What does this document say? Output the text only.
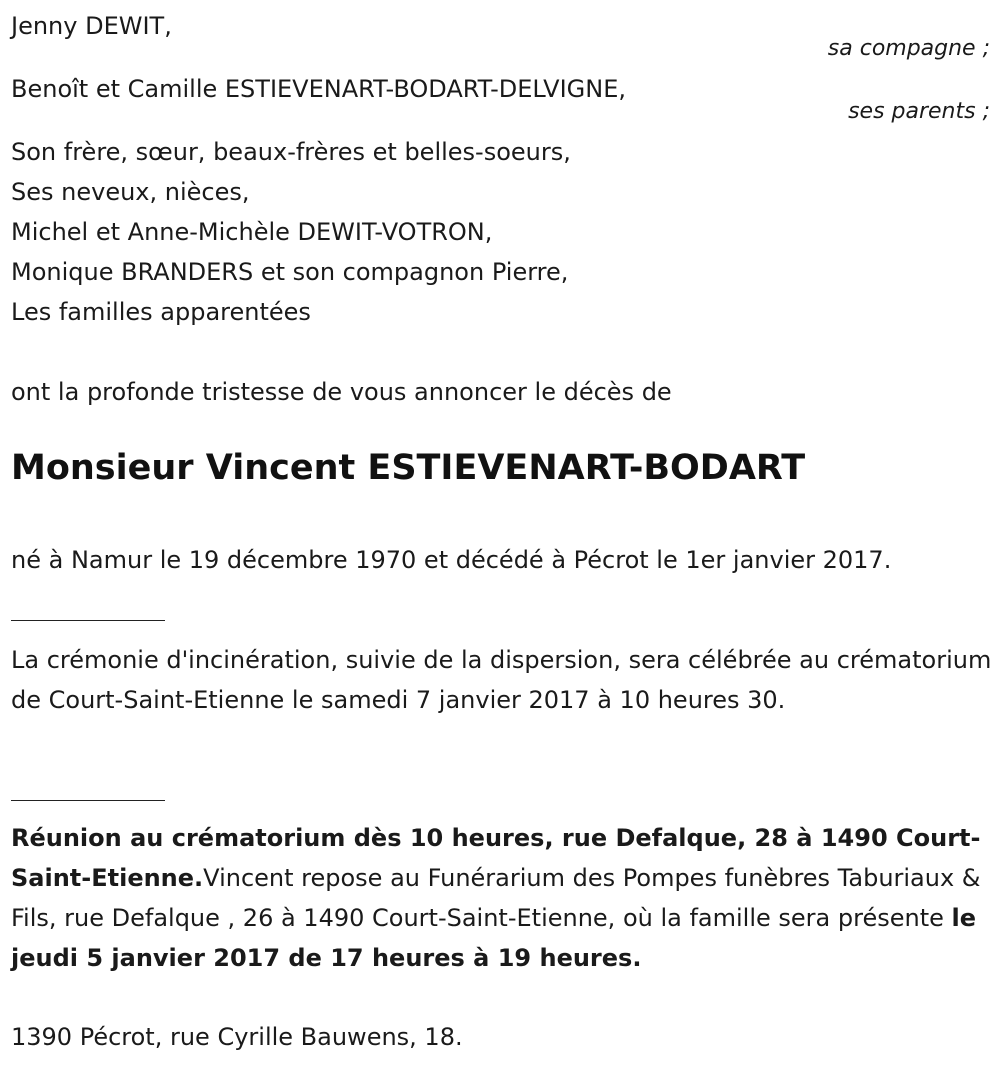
Jenny DEWIT,
sa compagne ;
Benoît et Camille ESTIEVENART-BODART-DELVIGNE,
ses parents ;
Son frère, sœur, beaux-frères et belles-soeurs,
Ses neveux, nièces,
Michel et Anne-Michèle DEWIT-VOTRON,
Monique BRANDERS et son compagnon Pierre,
Les familles apparentées
ont la profonde tristesse de vous annoncer le décès de
Monsieur Vincent ESTIEVENART-BODART
né à Namur le 19 décembre 1970 et décédé à Pécrot le 1er janvier 2017.
La crémonie d'incinération, suivie de la dispersion, sera célébrée au crématorium de Court-Saint-Etienne le samedi 7 janvier 2017 à 10 heures 30.
Réunion au crématorium dès 10 heures, rue Defalque, 28 à 1490 Court-Saint-Etienne.Vincent repose au Funérarium des Pompes funèbres Taburiaux & Fils, rue Defalque , 26 à 1490 Court-Saint-Etienne, où la famille sera présente le jeudi 5 janvier 2017 de 17 heures à 19 heures.
1390 Pécrot, rue Cyrille Bauwens, 18.
